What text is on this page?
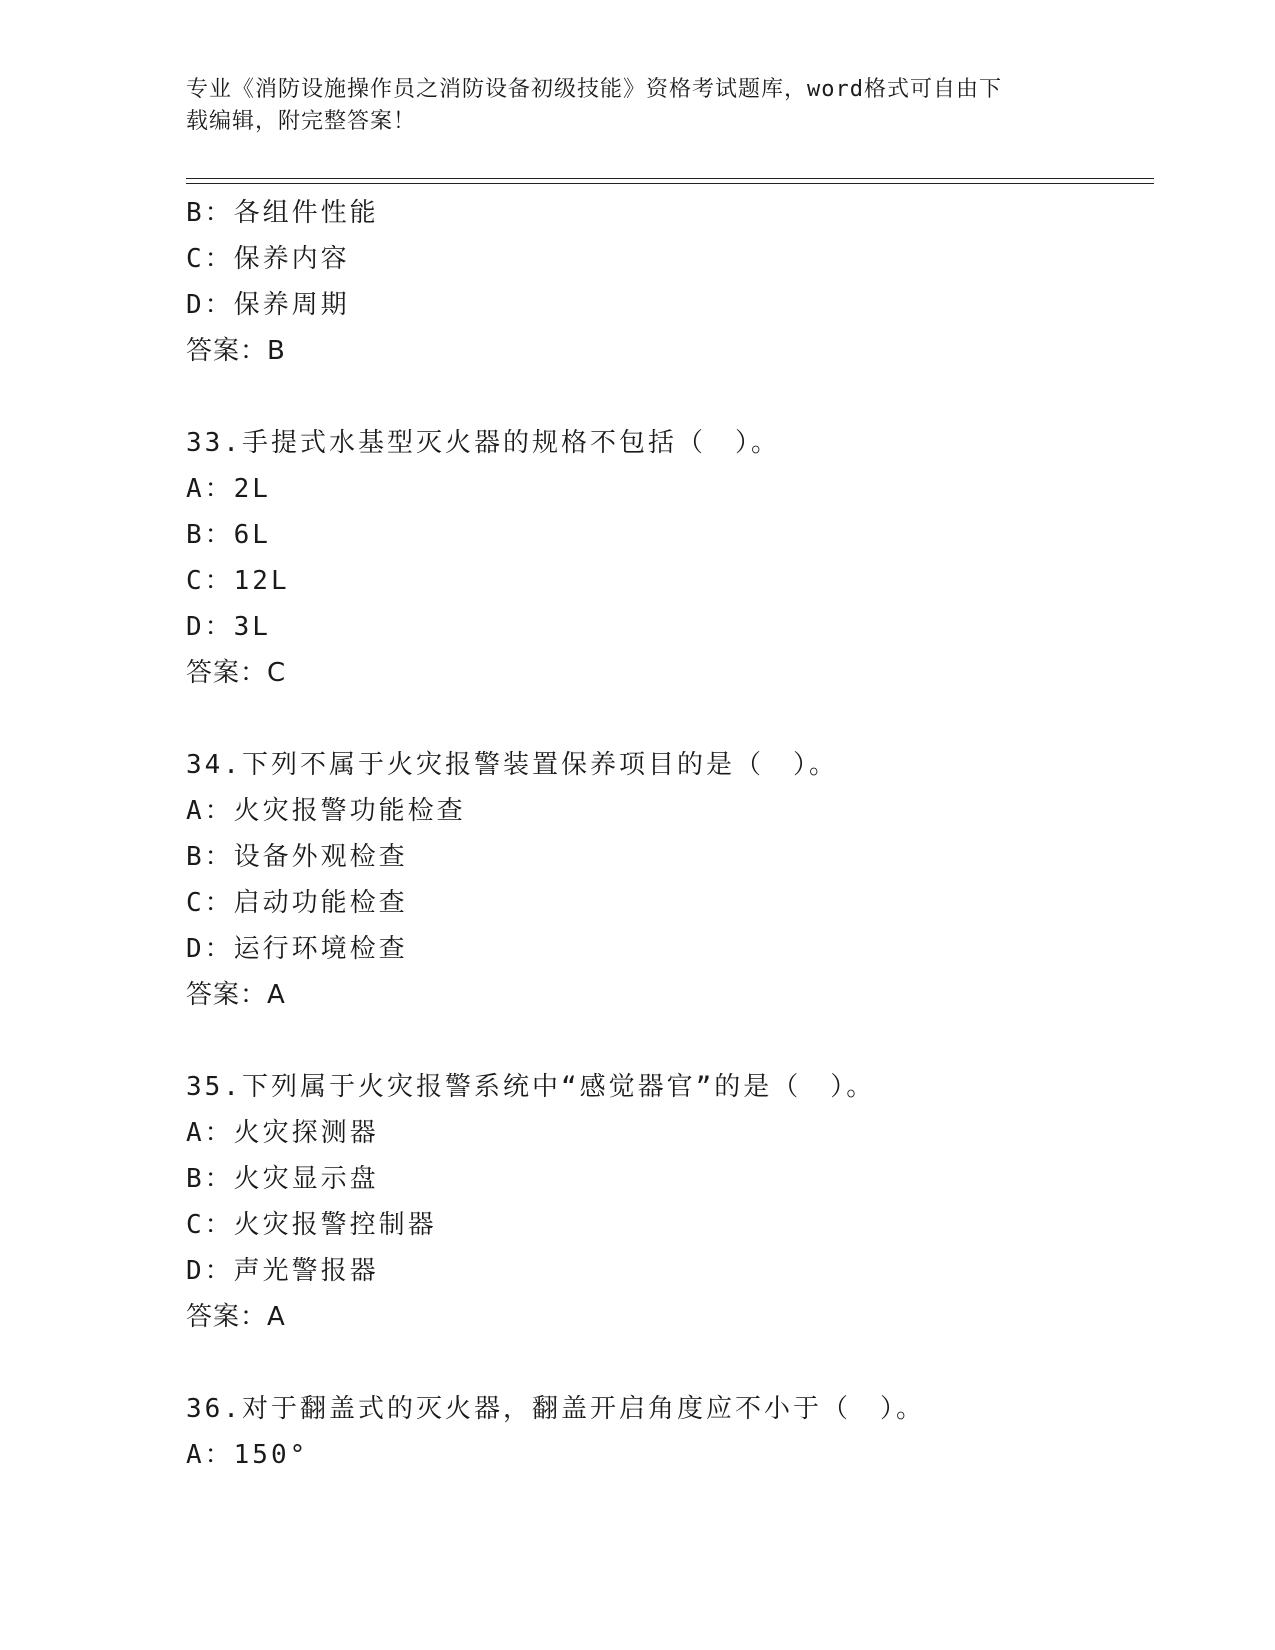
专业《消防设施操作员之消防设备初级技能》资格考试题库，word格式可自由下
载编辑，附完整答案！
B：各组件性能
C：保养内容
D：保养周期
答案：B
33.手提式水基型灭火器的规格不包括（　）。
A：2L
B：6L
C：12L
D：3L
答案：C
34.下列不属于火灾报警装置保养项目的是（　）。
A：火灾报警功能检查
B：设备外观检查
C：启动功能检查
D：运行环境检查
答案：A
35.下列属于火灾报警系统中“感觉器官”的是（　）。
A：火灾探测器
B：火灾显示盘
C：火灾报警控制器
D：声光警报器
答案：A
36.对于翻盖式的灭火器，翻盖开启角度应不小于（　）。
A：150°
